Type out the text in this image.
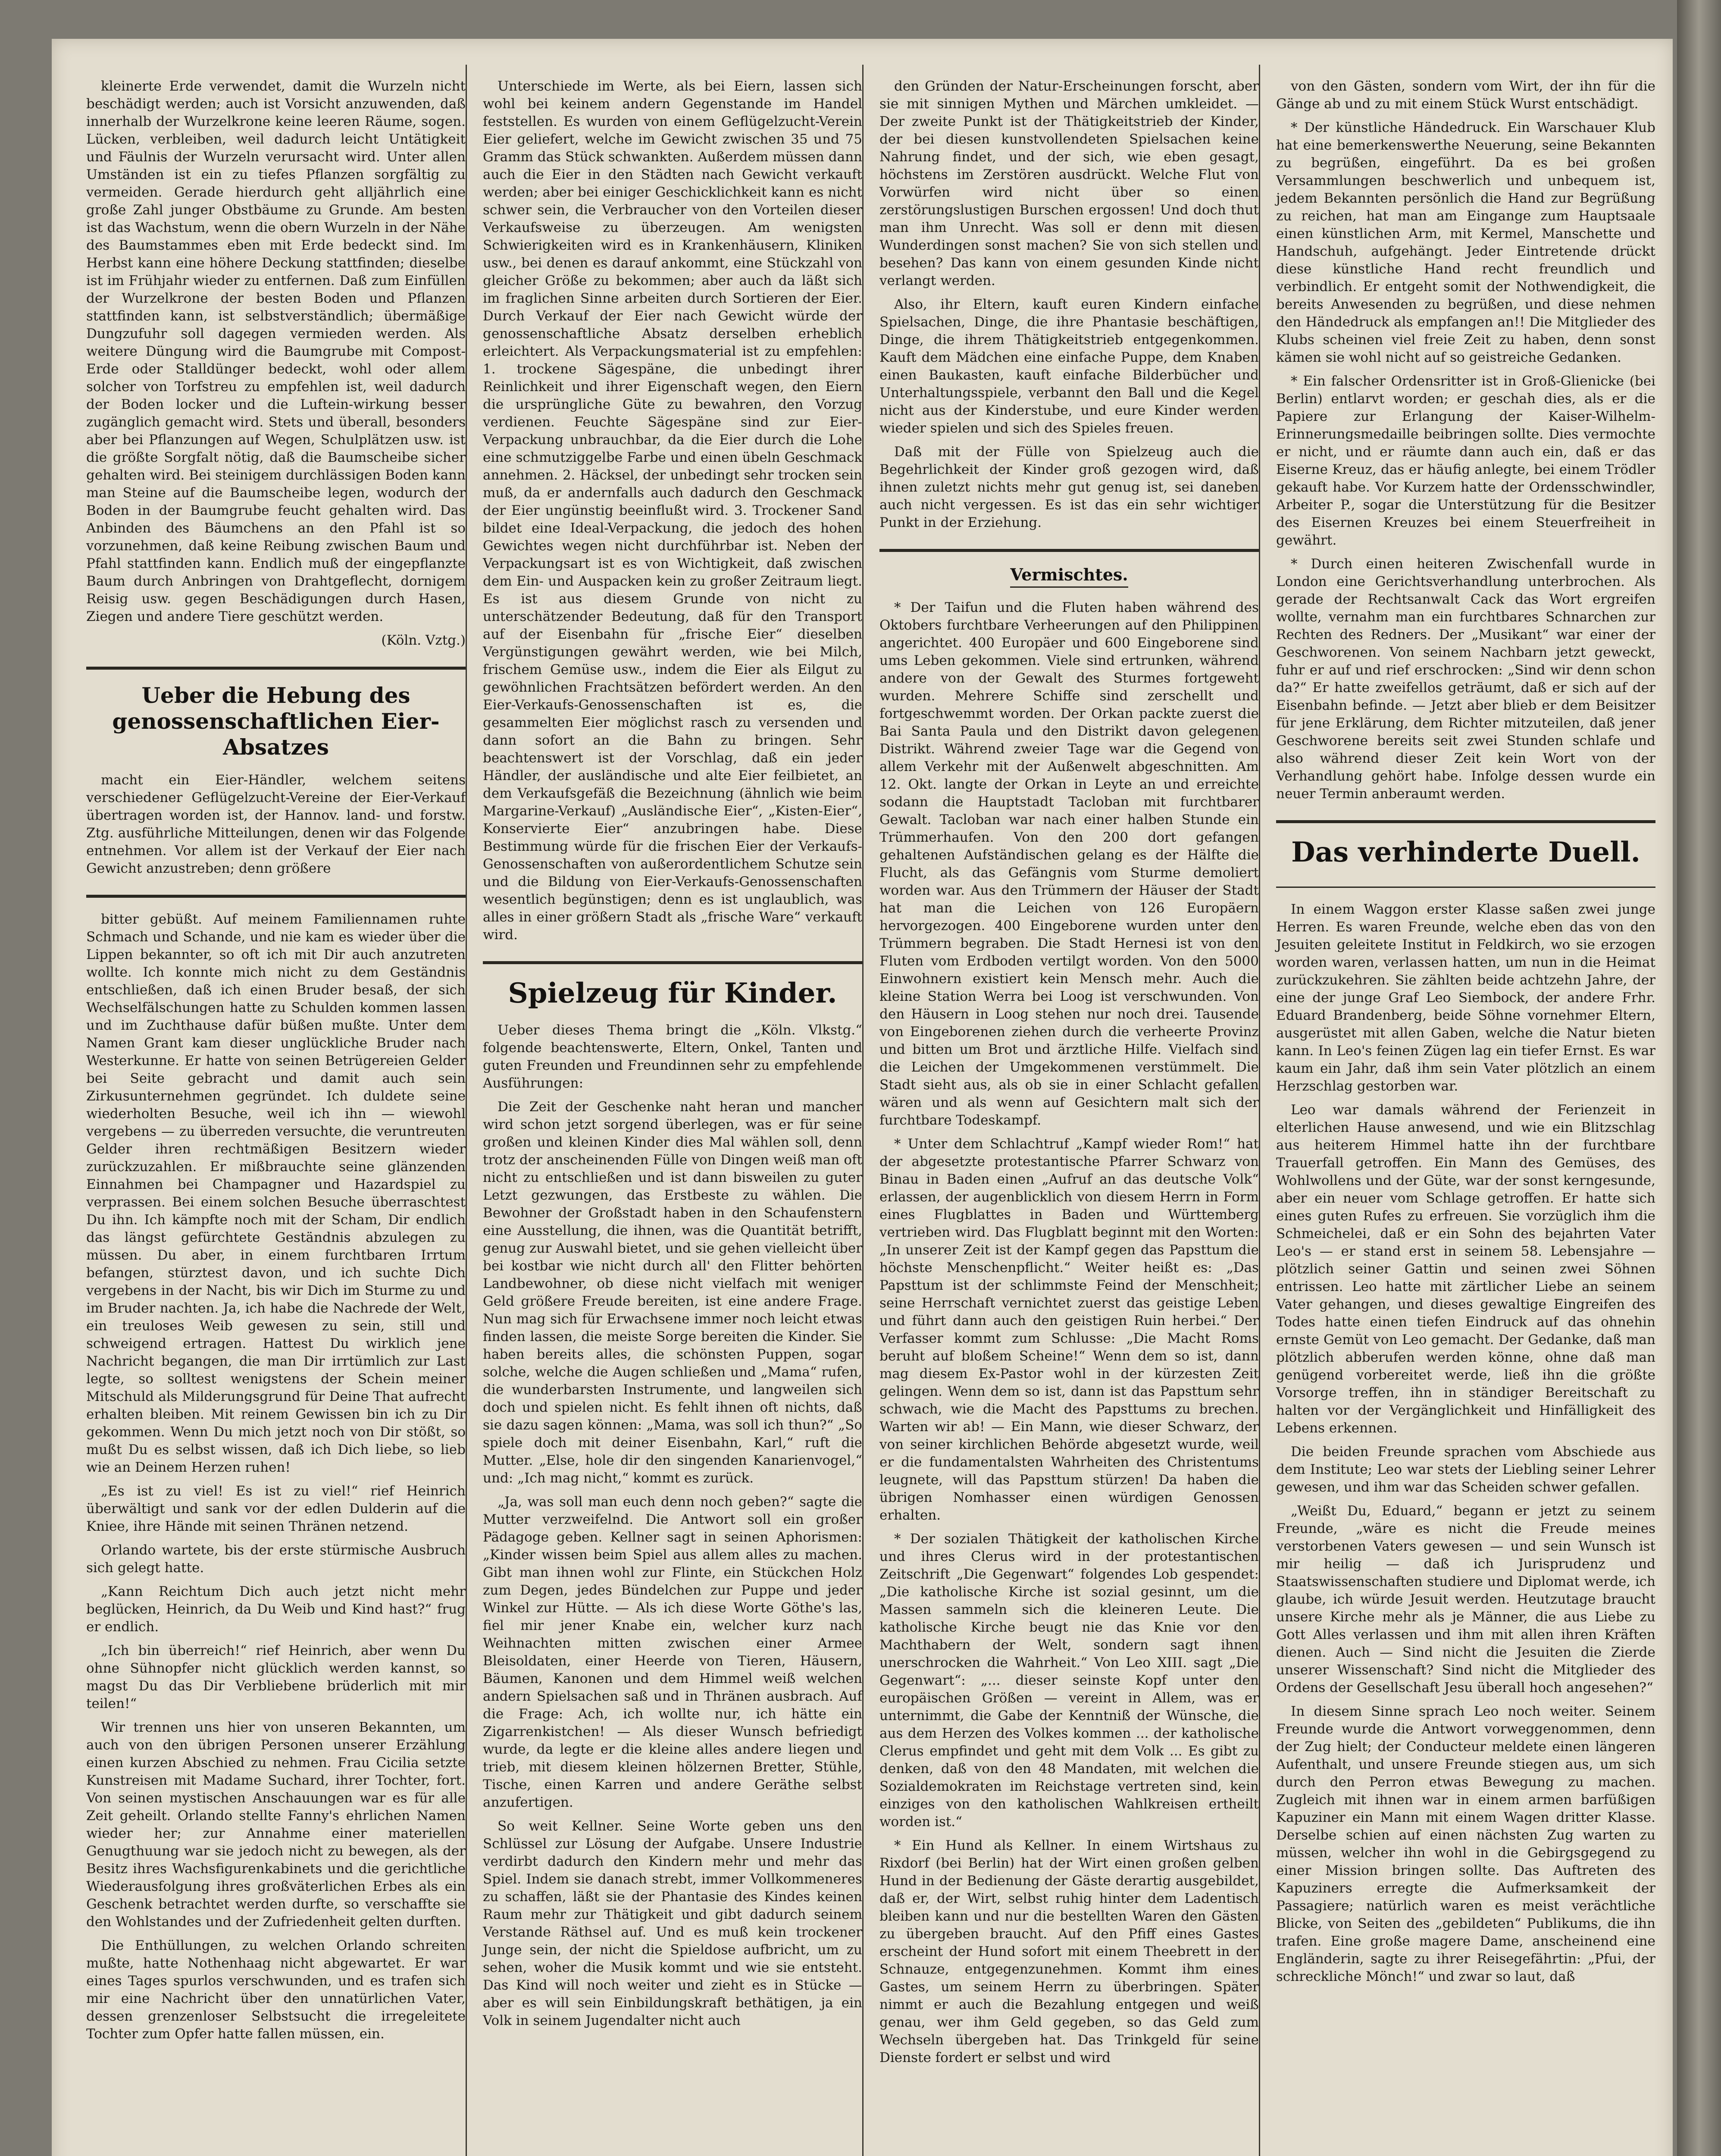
kleinerte Erde verwendet, damit die Wurzeln nicht beschädigt werden; auch ist Vorsicht anzuwenden, daß innerhalb der Wurzelkrone keine leeren Räume, sogen. Lücken, verbleiben, weil dadurch leicht Untätigkeit und Fäulnis der Wurzeln verursacht wird. Unter allen Umständen ist ein zu tiefes Pflanzen sorgfältig zu vermeiden. Gerade hierdurch geht alljährlich eine große Zahl junger Obstbäume zu Grunde. Am besten ist das Wachstum, wenn die obern Wurzeln in der Nähe des Baumstammes eben mit Erde bedeckt sind. Im Herbst kann eine höhere Deckung stattfinden; dieselbe ist im Frühjahr wieder zu entfernen. Daß zum Einfüllen der Wurzelkrone der besten Boden und Pflanzen stattfinden kann, ist selbstverständlich; übermäßige Dungzufuhr soll dagegen vermieden werden. Als weitere Düngung wird die Baumgrube mit Compost-Erde oder Stalldünger bedeckt, wohl oder allem solcher von Torfstreu zu empfehlen ist, weil dadurch der Boden locker und die Luftein-wirkung besser zugänglich gemacht wird. Stets und überall, besonders aber bei Pflanzungen auf Wegen, Schulplätzen usw. ist die größte Sorgfalt nötig, daß die Baumscheibe sicher gehalten wird. Bei steinigem durchlässigen Boden kann man Steine auf die Baumscheibe legen, wodurch der Boden in der Baumgrube feucht gehalten wird. Das Anbinden des Bäumchens an den Pfahl ist so vorzunehmen, daß keine Reibung zwischen Baum und Pfahl stattfinden kann. Endlich muß der eingepflanzte Baum durch Anbringen von Drahtgeflecht, dornigem Reisig usw. gegen Beschädigungen durch Hasen, Ziegen und andere Tiere geschützt werden.

(Köln. Vztg.)
Ueber die Hebung des genossenschaftlichen Eier-Absatzes

macht ein Eier-Händler, welchem seitens verschiedener Geflügelzucht-Vereine der Eier-Verkauf übertragen worden ist, der Hannov. land- und forstw. Ztg. ausführliche Mitteilungen, denen wir das Folgende entnehmen. Vor allem ist der Verkauf der Eier nach Gewicht anzustreben; denn größere

bitter gebüßt. Auf meinem Familiennamen ruhte Schmach und Schande, und nie kam es wieder über die Lippen bekannter, so oft ich mit Dir auch anzutreten wollte. Ich konnte mich nicht zu dem Geständnis entschließen, daß ich einen Bruder besaß, der sich Wechselfälschungen hatte zu Schulden kommen lassen und im Zuchthause dafür büßen mußte. Unter dem Namen Grant kam dieser unglückliche Bruder nach Westerkunne. Er hatte von seinen Betrügereien Gelder bei Seite gebracht und damit auch sein Zirkusunternehmen gegründet. Ich duldete seine wiederholten Besuche, weil ich ihn — wiewohl vergebens — zu überreden versuchte, die veruntreuten Gelder ihren rechtmäßigen Besitzern wieder zurückzuzahlen. Er mißbrauchte seine glänzenden Einnahmen bei Champagner und Hazardspiel zu verprassen. Bei einem solchen Besuche überraschtest Du ihn. Ich kämpfte noch mit der Scham, Dir endlich das längst gefürchtete Geständnis abzulegen zu müssen. Du aber, in einem furchtbaren Irrtum befangen, stürztest davon, und ich suchte Dich vergebens in der Nacht, bis wir Dich im Sturme zu und im Bruder nachten. Ja, ich habe die Nachrede der Welt, ein treuloses Weib gewesen zu sein, still und schweigend ertragen. Hattest Du wirklich jene Nachricht begangen, die man Dir irrtümlich zur Last legte, so solltest wenigstens der Schein meiner Mitschuld als Milderungsgrund für Deine That aufrecht erhalten bleiben. Mit reinem Gewissen bin ich zu Dir gekommen. Wenn Du mich jetzt noch von Dir stößt, so mußt Du es selbst wissen, daß ich Dich liebe, so lieb wie an Deinem Herzen ruhen!

„Es ist zu viel! Es ist zu viel!“ rief Heinrich überwältigt und sank vor der edlen Dulderin auf die Kniee, ihre Hände mit seinen Thränen netzend.

Orlando wartete, bis der erste stürmische Ausbruch sich gelegt hatte.

„Kann Reichtum Dich auch jetzt nicht mehr beglücken, Heinrich, da Du Weib und Kind hast?“ frug er endlich.

„Ich bin überreich!“ rief Heinrich, aber wenn Du ohne Sühnopfer nicht glücklich werden kannst, so magst Du das Dir Verbliebene brüderlich mit mir teilen!“

Wir trennen uns hier von unseren Bekannten, um auch von den übrigen Personen unserer Erzählung einen kurzen Abschied zu nehmen. Frau Cicilia setzte Kunstreisen mit Madame Suchard, ihrer Tochter, fort. Von seinen mystischen Anschauungen war es für alle Zeit geheilt. Orlando stellte Fanny's ehrlichen Namen wieder her; zur Annahme einer materiellen Genugthuung war sie jedoch nicht zu bewegen, als der Besitz ihres Wachsfigurenkabinets und die gerichtliche Wiederausfolgung ihres großväterlichen Erbes als ein Geschenk betrachtet werden durfte, so verschaffte sie den Wohlstandes und der Zufriedenheit gelten durften.

Die Enthüllungen, zu welchen Orlando schreiten mußte, hatte Nothenhaag nicht abgewartet. Er war eines Tages spurlos verschwunden, und es trafen sich mir eine Nachricht über den unnatürlichen Vater, dessen grenzenloser Selbstsucht die irregeleitete Tochter zum Opfer hatte fallen müssen, ein.

Unterschiede im Werte, als bei Eiern, lassen sich wohl bei keinem andern Gegenstande im Handel feststellen. Es wurden von einem Geflügelzucht-Verein Eier geliefert, welche im Gewicht zwischen 35 und 75 Gramm das Stück schwankten. Außerdem müssen dann auch die Eier in den Städten nach Gewicht verkauft werden; aber bei einiger Geschicklichkeit kann es nicht schwer sein, die Verbraucher von den Vorteilen dieser Verkaufsweise zu überzeugen. Am wenigsten Schwierigkeiten wird es in Krankenhäusern, Kliniken usw., bei denen es darauf ankommt, eine Stückzahl von gleicher Größe zu bekommen; aber auch da läßt sich im fraglichen Sinne arbeiten durch Sortieren der Eier. Durch Verkauf der Eier nach Gewicht würde der genossenschaftliche Absatz derselben erheblich erleichtert. Als Verpackungsmaterial ist zu empfehlen: 1. trockene Sägespäne, die unbedingt ihrer Reinlichkeit und ihrer Eigenschaft wegen, den Eiern die ursprüngliche Güte zu bewahren, den Vorzug verdienen. Feuchte Sägespäne sind zur Eier-Verpackung unbrauchbar, da die Eier durch die Lohe eine schmutziggelbe Farbe und einen übeln Geschmack annehmen. 2. Häcksel, der unbedingt sehr trocken sein muß, da er andernfalls auch dadurch den Geschmack der Eier ungünstig beeinflußt wird. 3. Trockener Sand bildet eine Ideal-Verpackung, die jedoch des hohen Gewichtes wegen nicht durchführbar ist. Neben der Verpackungsart ist es von Wichtigkeit, daß zwischen dem Ein- und Auspacken kein zu großer Zeitraum liegt. Es ist aus diesem Grunde von nicht zu unterschätzender Bedeutung, daß für den Transport auf der Eisenbahn für „frische Eier“ dieselben Vergünstigungen gewährt werden, wie bei Milch, frischem Gemüse usw., indem die Eier als Eilgut zu gewöhnlichen Frachtsätzen befördert werden. An den Eier-Verkaufs-Genossenschaften ist es, die gesammelten Eier möglichst rasch zu versenden und dann sofort an die Bahn zu bringen. Sehr beachtenswert ist der Vorschlag, daß ein jeder Händler, der ausländische und alte Eier feilbietet, an dem Verkaufsgefäß die Bezeichnung (ähnlich wie beim Margarine-Verkauf) „Ausländische Eier“, „Kisten-Eier“, Konservierte Eier“ anzubringen habe. Diese Bestimmung würde für die frischen Eier der Verkaufs-Genossenschaften von außerordentlichem Schutze sein und die Bildung von Eier-Verkaufs-Genossenschaften wesentlich begünstigen; denn es ist unglaublich, was alles in einer größern Stadt als „frische Ware“ verkauft wird.

Spielzeug für Kinder.

Ueber dieses Thema bringt die „Köln. Vlkstg.“ folgende beachtenswerte, Eltern, Onkel, Tanten und guten Freunden und Freundinnen sehr zu empfehlende Ausführungen:

Die Zeit der Geschenke naht heran und mancher wird schon jetzt sorgend überlegen, was er für seine großen und kleinen Kinder dies Mal wählen soll, denn trotz der anscheinenden Fülle von Dingen weiß man oft nicht zu entschließen und ist dann bisweilen zu guter Letzt gezwungen, das Erstbeste zu wählen. Die Bewohner der Großstadt haben in den Schaufenstern eine Ausstellung, die ihnen, was die Quantität betrifft, genug zur Auswahl bietet, und sie gehen vielleicht über bei kostbar wie nicht durch all' den Flitter behörten Landbewohner, ob diese nicht vielfach mit weniger Geld größere Freude bereiten, ist eine andere Frage. Nun mag sich für Erwachsene immer noch leicht etwas finden lassen, die meiste Sorge bereiten die Kinder. Sie haben bereits alles, die schönsten Puppen, sogar solche, welche die Augen schließen und „Mama“ rufen, die wunderbarsten Instrumente, und langweilen sich doch und spielen nicht. Es fehlt ihnen oft nichts, daß sie dazu sagen können: „Mama, was soll ich thun?“ „So spiele doch mit deiner Eisenbahn, Karl,“ ruft die Mutter. „Else, hole dir den singenden Kanarienvogel,“ und: „Ich mag nicht,“ kommt es zurück.

„Ja, was soll man euch denn noch geben?“ sagte die Mutter verzweifelnd. Die Antwort soll ein großer Pädagoge geben. Kellner sagt in seinen Aphorismen: „Kinder wissen beim Spiel aus allem alles zu machen. Gibt man ihnen wohl zur Flinte, ein Stückchen Holz zum Degen, jedes Bündelchen zur Puppe und jeder Winkel zur Hütte. — Als ich diese Worte Göthe's las, fiel mir jener Knabe ein, welcher kurz nach Weihnachten mitten zwischen einer Armee Bleisoldaten, einer Heerde von Tieren, Häusern, Bäumen, Kanonen und dem Himmel weiß welchen andern Spielsachen saß und in Thränen ausbrach. Auf die Frage: Ach, ich wollte nur, ich hätte ein Zigarrenkistchen! — Als dieser Wunsch befriedigt wurde, da legte er die kleine alles andere liegen und trieb, mit diesem kleinen hölzernen Bretter, Stühle, Tische, einen Karren und andere Geräthe selbst anzufertigen.

So weit Kellner. Seine Worte geben uns den Schlüssel zur Lösung der Aufgabe. Unsere Industrie verdirbt dadurch den Kindern mehr und mehr das Spiel. Indem sie danach strebt, immer Vollkommeneres zu schaffen, läßt sie der Phantasie des Kindes keinen Raum mehr zur Thätigkeit und gibt dadurch seinem Verstande Räthsel auf. Und es muß kein trockener Junge sein, der nicht die Spieldose aufbricht, um zu sehen, woher die Musik kommt und wie sie entsteht. Das Kind will noch weiter und zieht es in Stücke — aber es will sein Einbildungskraft bethätigen, ja ein Volk in seinem Jugendalter nicht auch

den Gründen der Natur-Erscheinungen forscht, aber sie mit sinnigen Mythen und Märchen umkleidet. — Der zweite Punkt ist der Thätigkeitstrieb der Kinder, der bei diesen kunstvollendeten Spielsachen keine Nahrung findet, und der sich, wie eben gesagt, höchstens im Zerstören ausdrückt. Welche Flut von Vorwürfen wird nicht über so einen zerstörungslustigen Burschen ergossen! Und doch thut man ihm Unrecht. Was soll er denn mit diesen Wunderdingen sonst machen? Sie von sich stellen und besehen? Das kann von einem gesunden Kinde nicht verlangt werden.

Also, ihr Eltern, kauft euren Kindern einfache Spielsachen, Dinge, die ihre Phantasie beschäftigen, Dinge, die ihrem Thätigkeitstrieb entgegenkommen. Kauft dem Mädchen eine einfache Puppe, dem Knaben einen Baukasten, kauft einfache Bilderbücher und Unterhaltungsspiele, verbannt den Ball und die Kegel nicht aus der Kinderstube, und eure Kinder werden wieder spielen und sich des Spieles freuen.

Daß mit der Fülle von Spielzeug auch die Begehrlichkeit der Kinder groß gezogen wird, daß ihnen zuletzt nichts mehr gut genug ist, sei daneben auch nicht vergessen. Es ist das ein sehr wichtiger Punkt in der Erziehung.

Vermischtes.

* Der Taifun und die Fluten haben während des Oktobers furchtbare Verheerungen auf den Philippinen angerichtet. 400 Europäer und 600 Eingeborene sind ums Leben gekommen. Viele sind ertrunken, während andere von der Gewalt des Sturmes fortgeweht wurden. Mehrere Schiffe sind zerschellt und fortgeschwemmt worden. Der Orkan packte zuerst die Bai Santa Paula und den Distrikt davon gelegenen Distrikt. Während zweier Tage war die Gegend von allem Verkehr mit der Außenwelt abgeschnitten. Am 12. Okt. langte der Orkan in Leyte an und erreichte sodann die Hauptstadt Tacloban mit furchtbarer Gewalt. Tacloban war nach einer halben Stunde ein Trümmerhaufen. Von den 200 dort gefangen gehaltenen Aufständischen gelang es der Hälfte die Flucht, als das Gefängnis vom Sturme demoliert worden war. Aus den Trümmern der Häuser der Stadt hat man die Leichen von 126 Europäern hervorgezogen. 400 Eingeborene wurden unter den Trümmern begraben. Die Stadt Hernesi ist von den Fluten vom Erdboden vertilgt worden. Von den 5000 Einwohnern existiert kein Mensch mehr. Auch die kleine Station Werra bei Loog ist verschwunden. Von den Häusern in Loog stehen nur noch drei. Tausende von Eingeborenen ziehen durch die verheerte Provinz und bitten um Brot und ärztliche Hilfe. Vielfach sind die Leichen der Umgekommenen verstümmelt. Die Stadt sieht aus, als ob sie in einer Schlacht gefallen wären und als wenn auf Gesichtern malt sich der furchtbare Todeskampf.

* Unter dem Schlachtruf „Kampf wieder Rom!“ hat der abgesetzte protestantische Pfarrer Schwarz von Binau in Baden einen „Aufruf an das deutsche Volk“ erlassen, der augenblicklich von diesem Herrn in Form eines Flugblattes in Baden und Württemberg vertrieben wird. Das Flugblatt beginnt mit den Worten: „In unserer Zeit ist der Kampf gegen das Papsttum die höchste Menschenpflicht.“ Weiter heißt es: „Das Papsttum ist der schlimmste Feind der Menschheit; seine Herrschaft vernichtet zuerst das geistige Leben und führt dann auch den geistigen Ruin herbei.“ Der Verfasser kommt zum Schlusse: „Die Macht Roms beruht auf bloßem Scheine!“ Wenn dem so ist, dann mag diesem Ex-Pastor wohl in der kürzesten Zeit gelingen. Wenn dem so ist, dann ist das Papsttum sehr schwach, wie die Macht des Papsttums zu brechen. Warten wir ab! — Ein Mann, wie dieser Schwarz, der von seiner kirchlichen Behörde abgesetzt wurde, weil er die fundamentalsten Wahrheiten des Christentums leugnete, will das Papsttum stürzen! Da haben die übrigen Nomhasser einen würdigen Genossen erhalten.

* Der sozialen Thätigkeit der katholischen Kirche und ihres Clerus wird in der protestantischen Zeitschrift „Die Gegenwart“ folgendes Lob gespendet: „Die katholische Kirche ist sozial gesinnt, um die Massen sammeln sich die kleineren Leute. Die katholische Kirche beugt nie das Knie vor den Machthabern der Welt, sondern sagt ihnen unerschrocken die Wahrheit.“ Von Leo XIII. sagt „Die Gegenwart“: „... dieser seinste Kopf unter den europäischen Größen — vereint in Allem, was er unternimmt, die Gabe der Kenntniß der Wünsche, die aus dem Herzen des Volkes kommen ... der katholische Clerus empfindet und geht mit dem Volk ... Es gibt zu denken, daß von den 48 Mandaten, mit welchen die Sozialdemokraten im Reichstage vertreten sind, kein einziges von den katholischen Wahlkreisen ertheilt worden ist.“

* Ein Hund als Kellner. In einem Wirtshaus zu Rixdorf (bei Berlin) hat der Wirt einen großen gelben Hund in der Bedienung der Gäste derartig ausgebildet, daß er, der Wirt, selbst ruhig hinter dem Ladentisch bleiben kann und nur die bestellten Waren den Gästen zu übergeben braucht. Auf den Pfiff eines Gastes erscheint der Hund sofort mit einem Theebrett in der Schnauze, entgegenzunehmen. Kommt ihm eines Gastes, um seinem Herrn zu überbringen. Später nimmt er auch die Bezahlung entgegen und weiß genau, wer ihm Geld gegeben, so das Geld zum Wechseln übergeben hat. Das Trinkgeld für seine Dienste fordert er selbst und wird

von den Gästen, sondern vom Wirt, der ihn für die Gänge ab und zu mit einem Stück Wurst entschädigt.

* Der künstliche Händedruck. Ein Warschauer Klub hat eine bemerkenswerthe Neuerung, seine Bekannten zu begrüßen, eingeführt. Da es bei großen Versammlungen beschwerlich und unbequem ist, jedem Bekannten persönlich die Hand zur Begrüßung zu reichen, hat man am Eingange zum Hauptsaale einen künstlichen Arm, mit Kermel, Manschette und Handschuh, aufgehängt. Jeder Eintretende drückt diese künstliche Hand recht freundlich und verbindlich. Er entgeht somit der Nothwendigkeit, die bereits Anwesenden zu begrüßen, und diese nehmen den Händedruck als empfangen an!! Die Mitglieder des Klubs scheinen viel freie Zeit zu haben, denn sonst kämen sie wohl nicht auf so geistreiche Gedanken.

* Ein falscher Ordensritter ist in Groß-Glienicke (bei Berlin) entlarvt worden; er geschah dies, als er die Papiere zur Erlangung der Kaiser-Wilhelm-Erinnerungsmedaille beibringen sollte. Dies vermochte er nicht, und er räumte dann auch ein, daß er das Eiserne Kreuz, das er häufig anlegte, bei einem Trödler gekauft habe. Vor Kurzem hatte der Ordensschwindler, Arbeiter P., sogar die Unterstützung für die Besitzer des Eisernen Kreuzes bei einem Steuerfreiheit in gewährt.

* Durch einen heiteren Zwischenfall wurde in London eine Gerichtsverhandlung unterbrochen. Als gerade der Rechtsanwalt Cack das Wort ergreifen wollte, vernahm man ein furchtbares Schnarchen zur Rechten des Redners. Der „Musikant“ war einer der Geschworenen. Von seinem Nachbarn jetzt geweckt, fuhr er auf und rief erschrocken: „Sind wir denn schon da?“ Er hatte zweifellos geträumt, daß er sich auf der Eisenbahn befinde. — Jetzt aber blieb er dem Beisitzer für jene Erklärung, dem Richter mitzuteilen, daß jener Geschworene bereits seit zwei Stunden schlafe und also während dieser Zeit kein Wort von der Verhandlung gehört habe. Infolge dessen wurde ein neuer Termin anberaumt werden.

Das verhinderte Duell.

In einem Waggon erster Klasse saßen zwei junge Herren. Es waren Freunde, welche eben das von den Jesuiten geleitete Institut in Feldkirch, wo sie erzogen worden waren, verlassen hatten, um nun in die Heimat zurückzukehren. Sie zählten beide achtzehn Jahre, der eine der junge Graf Leo Siembock, der andere Frhr. Eduard Brandenberg, beide Söhne vornehmer Eltern, ausgerüstet mit allen Gaben, welche die Natur bieten kann. In Leo's feinen Zügen lag ein tiefer Ernst. Es war kaum ein Jahr, daß ihm sein Vater plötzlich an einem Herzschlag gestorben war.

Leo war damals während der Ferienzeit in elterlichen Hause anwesend, und wie ein Blitzschlag aus heiterem Himmel hatte ihn der furchtbare Trauerfall getroffen. Ein Mann des Gemüses, des Wohlwollens und der Güte, war der sonst kerngesunde, aber ein neuer vom Schlage getroffen. Er hatte sich eines guten Rufes zu erfreuen. Sie vorzüglich ihm die Schmeichelei, daß er ein Sohn des bejahrten Vater Leo's — er stand erst in seinem 58. Lebensjahre — plötzlich seiner Gattin und seinen zwei Söhnen entrissen. Leo hatte mit zärtlicher Liebe an seinem Vater gehangen, und dieses gewaltige Eingreifen des Todes hatte einen tiefen Eindruck auf das ohnehin ernste Gemüt von Leo gemacht. Der Gedanke, daß man plötzlich abberufen werden könne, ohne daß man genügend vorbereitet werde, ließ ihn die größte Vorsorge treffen, ihn in ständiger Bereitschaft zu halten vor der Vergänglichkeit und Hinfälligkeit des Lebens erkennen.

Die beiden Freunde sprachen vom Abschiede aus dem Institute; Leo war stets der Liebling seiner Lehrer gewesen, und ihm war das Scheiden schwer gefallen.

„Weißt Du, Eduard,“ begann er jetzt zu seinem Freunde, „wäre es nicht die Freude meines verstorbenen Vaters gewesen — und sein Wunsch ist mir heilig — daß ich Jurisprudenz und Staatswissenschaften studiere und Diplomat werde, ich glaube, ich würde Jesuit werden. Heutzutage braucht unsere Kirche mehr als je Männer, die aus Liebe zu Gott Alles verlassen und ihm mit allen ihren Kräften dienen. Auch — Sind nicht die Jesuiten die Zierde unserer Wissenschaft? Sind nicht die Mitglieder des Ordens der Gesellschaft Jesu überall hoch angesehen?“

In diesem Sinne sprach Leo noch weiter. Seinem Freunde wurde die Antwort vorweggenommen, denn der Zug hielt; der Conducteur meldete einen längeren Aufenthalt, und unsere Freunde stiegen aus, um sich durch den Perron etwas Bewegung zu machen. Zugleich mit ihnen war in einem armen barfüßigen Kapuziner ein Mann mit einem Wagen dritter Klasse. Derselbe schien auf einen nächsten Zug warten zu müssen, welcher ihn wohl in die Gebirgsgegend zu einer Mission bringen sollte. Das Auftreten des Kapuziners erregte die Aufmerksamkeit der Passagiere; natürlich waren es meist verächtliche Blicke, von Seiten des „gebildeten“ Publikums, die ihn trafen. Eine große magere Dame, anscheinend eine Engländerin, sagte zu ihrer Reisegefährtin: „Pfui, der schreckliche Mönch!“ und zwar so laut, daß
